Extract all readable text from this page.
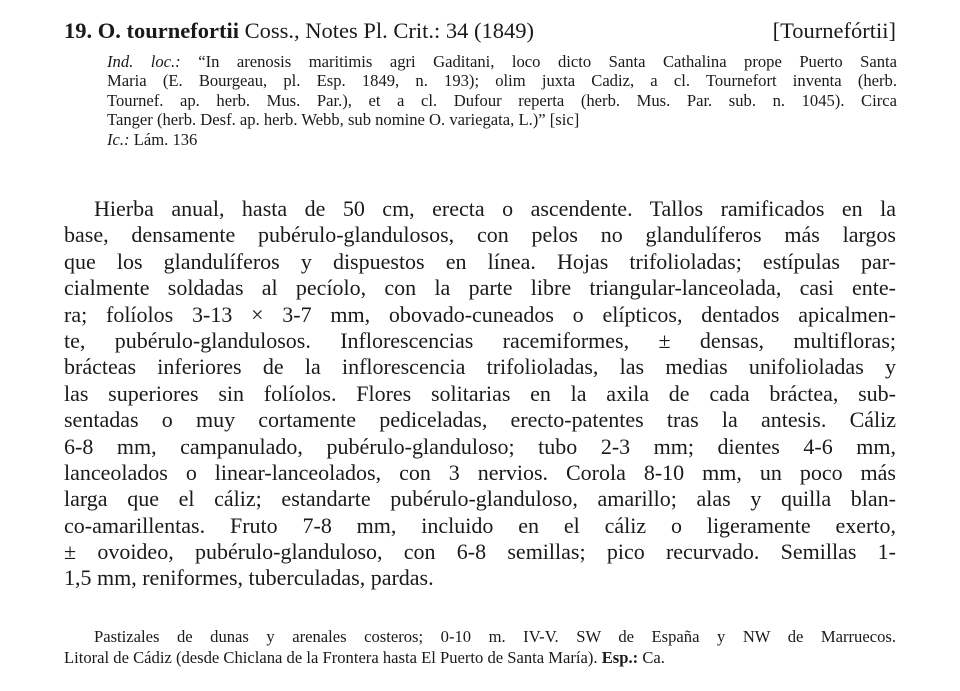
19. O. tournefortii Coss., Notes Pl. Crit.: 34 (1849)	[Tournefórtii]
Ind. loc.: “In arenosis maritimis agri Gaditani, loco dicto Santa Cathalina prope Puerto Santa
Maria (E. Bourgeau, pl. Esp. 1849, n. 193); olim juxta Cadiz, a cl. Tournefort inventa (herb.
Tournef. ap. herb. Mus. Par.), et a cl. Dufour reperta (herb. Mus. Par. sub. n. 1045). Circa
Tanger (herb. Desf. ap. herb. Webb, sub nomine O. variegata, L.)” [sic]
Ic.: Lám. 136
Hierba anual, hasta de 50 cm, erecta o ascendente. Tallos ramificados en la
base, densamente pubérulo-glandulosos, con pelos no glandulíferos más largos
que los glandulíferos y dispuestos en línea. Hojas trifolioladas; estípulas par-
cialmente soldadas al pecíolo, con la parte libre triangular-lanceolada, casi ente-
ra; folíolos 3-13 × 3-7 mm, obovado-cuneados o elípticos, dentados apicalmen-
te, pubérulo-glandulosos. Inflorescencias racemiformes, ± densas, multifloras;
brácteas inferiores de la inflorescencia trifolioladas, las medias unifolioladas y
las superiores sin folíolos. Flores solitarias en la axila de cada bráctea, sub-
sentadas o muy cortamente pediceladas, erecto-patentes tras la antesis. Cáliz
6-8 mm, campanulado, pubérulo-glanduloso; tubo 2-3 mm; dientes 4-6 mm,
lanceolados o linear-lanceolados, con 3 nervios. Corola 8-10 mm, un poco más
larga que el cáliz; estandarte pubérulo-glanduloso, amarillo; alas y quilla blan-
co-amarillentas. Fruto 7-8 mm, incluido en el cáliz o ligeramente exerto,
± ovoideo, pubérulo-glanduloso, con 6-8 semillas; pico recurvado. Semillas 1-
1,5 mm, reniformes, tuberculadas, pardas.
Pastizales de dunas y arenales costeros; 0-10 m. IV-V. SW de España y NW de Marruecos.
Litoral de Cádiz (desde Chiclana de la Frontera hasta El Puerto de Santa María). Esp.: Ca.
